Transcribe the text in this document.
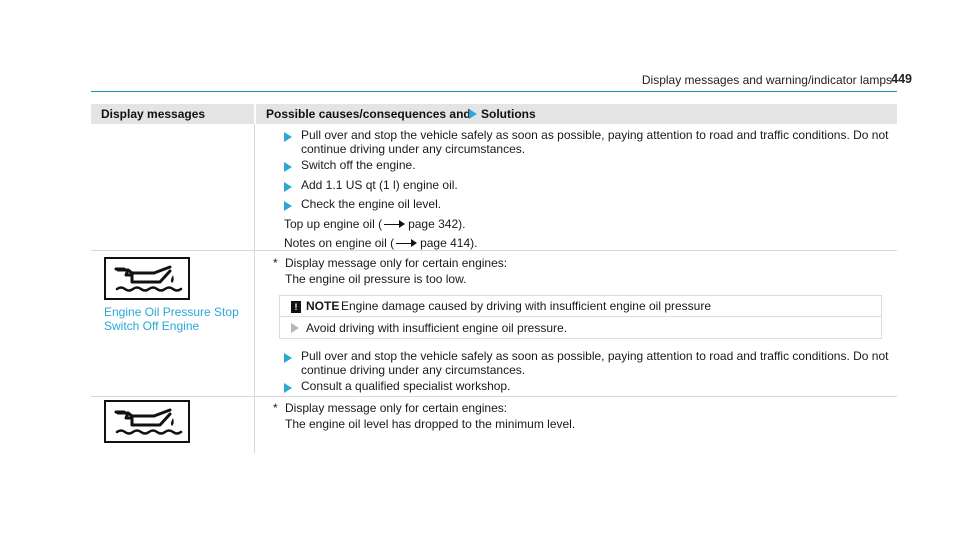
Display messages and warning/indicator lamps 449
Display messages	Possible causes/consequences and Solutions
Pull over and stop the vehicle safely as soon as possible, paying attention to road and traffic conditions. Do not
continue driving under any circumstances.
Switch off the engine.
Add 1.1 US qt (1 l) engine oil.
Check the engine oil level.
Top up engine oil ( page 342).
Notes on engine oil ( page 414).
Engine Oil Pressure Stop
Switch Off Engine
* Display message only for certain engines:
The engine oil pressure is too low.
! NOTE Engine damage caused by driving with insufficient engine oil pressure
Avoid driving with insufficient engine oil pressure.
Pull over and stop the vehicle safely as soon as possible, paying attention to road and traffic conditions. Do not
continue driving under any circumstances.
Consult a qualified specialist workshop.
* Display message only for certain engines:
The engine oil level has dropped to the minimum level.
